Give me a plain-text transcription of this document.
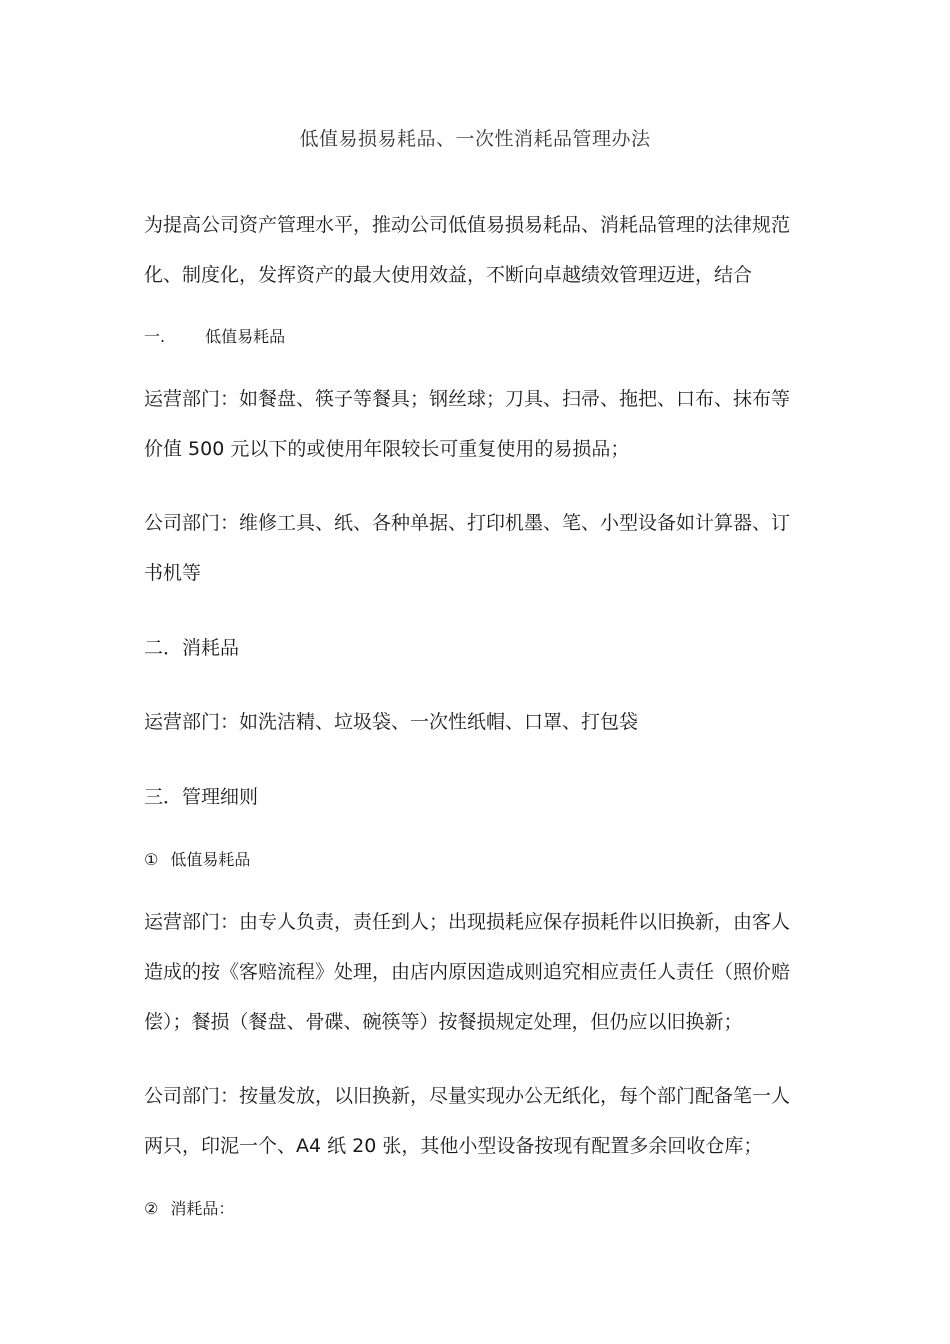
低值易损易耗品、一次性消耗品管理办法
为提高公司资产管理水平，推动公司低值易损易耗品、消耗品管理的法律规范
化、制度化，发挥资产的最大使用效益，不断向卓越绩效管理迈进，结合
一.	低值易耗品
运营部门：如餐盘、筷子等餐具；钢丝球；刀具、扫帚、拖把、口布、抹布等
价值 500 元以下的或使用年限较长可重复使用的易损品；
公司部门：维修工具、纸、各种单据、打印机墨、笔、小型设备如计算器、订
书机等
二．消耗品
运营部门：如洗洁精、垃圾袋、一次性纸帽、口罩、打包袋
三．管理细则
① 低值易耗品
运营部门：由专人负责，责任到人；出现损耗应保存损耗件以旧换新，由客人
造成的按《客赔流程》处理，由店内原因造成则追究相应责任人责任（照价赔
偿）；餐损（餐盘、骨碟、碗筷等）按餐损规定处理，但仍应以旧换新；
公司部门：按量发放，以旧换新，尽量实现办公无纸化，每个部门配备笔一人
两只，印泥一个、A4 纸 20 张，其他小型设备按现有配置多余回收仓库；
② 消耗品：
